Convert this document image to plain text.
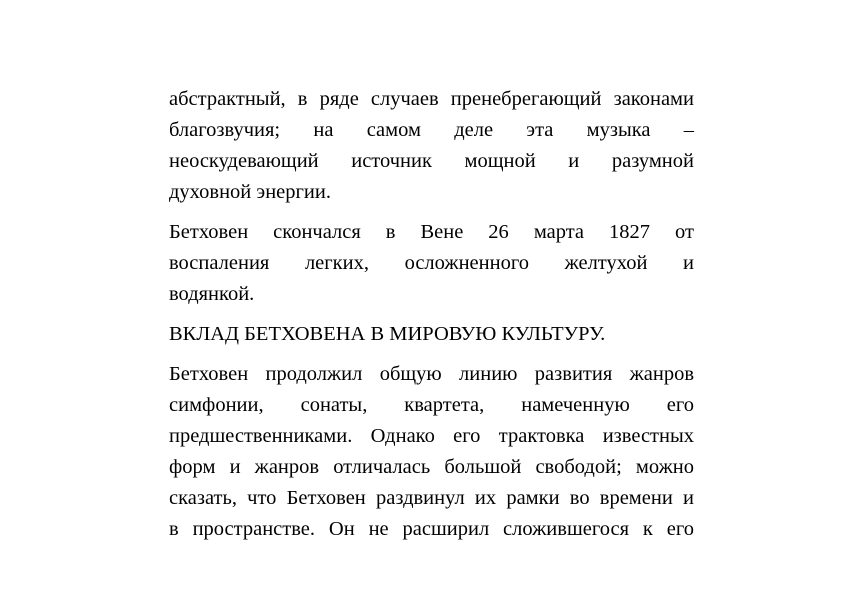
абстрактный, в ряде случаев пренебрегающий законами
благозвучия; на самом деле эта музыка –
неоскудевающий источник мощной и разумной
духовной энергии.

Бетховен скончался в Вене 26 марта 1827 от
воспаления легких, осложненного желтухой и
водянкой.

ВКЛАД БЕТХОВЕНА В МИРОВУЮ КУЛЬТУРУ.

Бетховен продолжил общую линию развития жанров
симфонии, сонаты, квартета, намеченную его
предшественниками. Однако его трактовка известных
форм и жанров отличалась большой свободой; можно
сказать, что Бетховен раздвинул их рамки во времени и
в пространстве. Он не расширил сложившегося к его
